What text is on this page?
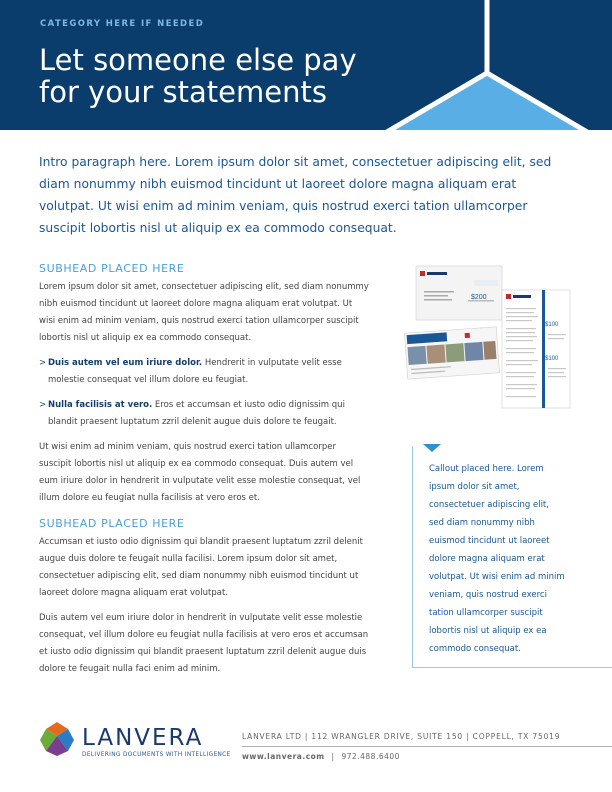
CATEGORY HERE IF NEEDED
Let someone else pay for your statements

Intro paragraph here. Lorem ipsum dolor sit amet, consectetuer adipiscing elit, sed diam nonummy nibh euismod tincidunt ut laoreet dolore magna aliquam erat volutpat. Ut wisi enim ad minim veniam, quis nostrud exerci tation ullamcorper suscipit lobortis nisl ut aliquip ex ea commodo consequat.

SUBHEAD PLACED HERE

Lorem ipsum dolor sit amet, consectetuer adipiscing elit, sed diam nonummy nibh euismod tincidunt ut laoreet dolore magna aliquam erat volutpat. Ut wisi enim ad minim veniam, quis nostrud exerci tation ullamcorper suscipit lobortis nisl ut aliquip ex ea commodo consequat.

> Duis autem vel eum iriure dolor. Hendrerit in vulputate velit esse molestie consequat vel illum dolore eu feugiat.

> Nulla facilisis at vero. Eros et accumsan et iusto odio dignissim qui blandit praesent luptatum zzril delenit augue duis dolore te feugait.

Ut wisi enim ad minim veniam, quis nostrud exerci tation ullamcorper suscipit lobortis nisl ut aliquip ex ea commodo consequat. Duis autem vel eum iriure dolor in hendrerit in vulputate velit esse molestie consequat, vel illum dolore eu feugiat nulla facilisis at vero eros et.

SUBHEAD PLACED HERE

Accumsan et iusto odio dignissim qui blandit praesent luptatum zzril delenit augue duis dolore te feugait nulla facilisi. Lorem ipsum dolor sit amet, consectetuer adipiscing elit, sed diam nonummy nibh euismod tincidunt ut laoreet dolore magna aliquam erat volutpat.

Duis autem vel eum iriure dolor in hendrerit in vulputate velit esse molestie consequat, vel illum dolore eu feugiat nulla facilisis at vero eros et accumsan et iusto odio dignissim qui blandit praesent luptatum zzril delenit augue duis dolore te feugait nulla faci enim ad minim.

$200
$100
$100

Callout placed here. Lorem ipsum dolor sit amet, consectetuer adipiscing elit, sed diam nonummy nibh euismod tincidunt ut laoreet dolore magna aliquam erat volutpat. Ut wisi enim ad minim veniam, quis nostrud exerci tation ullamcorper suscipit lobortis nisl ut aliquip ex ea commodo consequat.

LANVERA
DELIVERING DOCUMENTS WITH INTELLIGENCE
LANVERA LTD | 112 WRANGLER DRIVE, SUITE 150 | COPPELL, TX 75019
www.lanvera.com | 972.488.6400
